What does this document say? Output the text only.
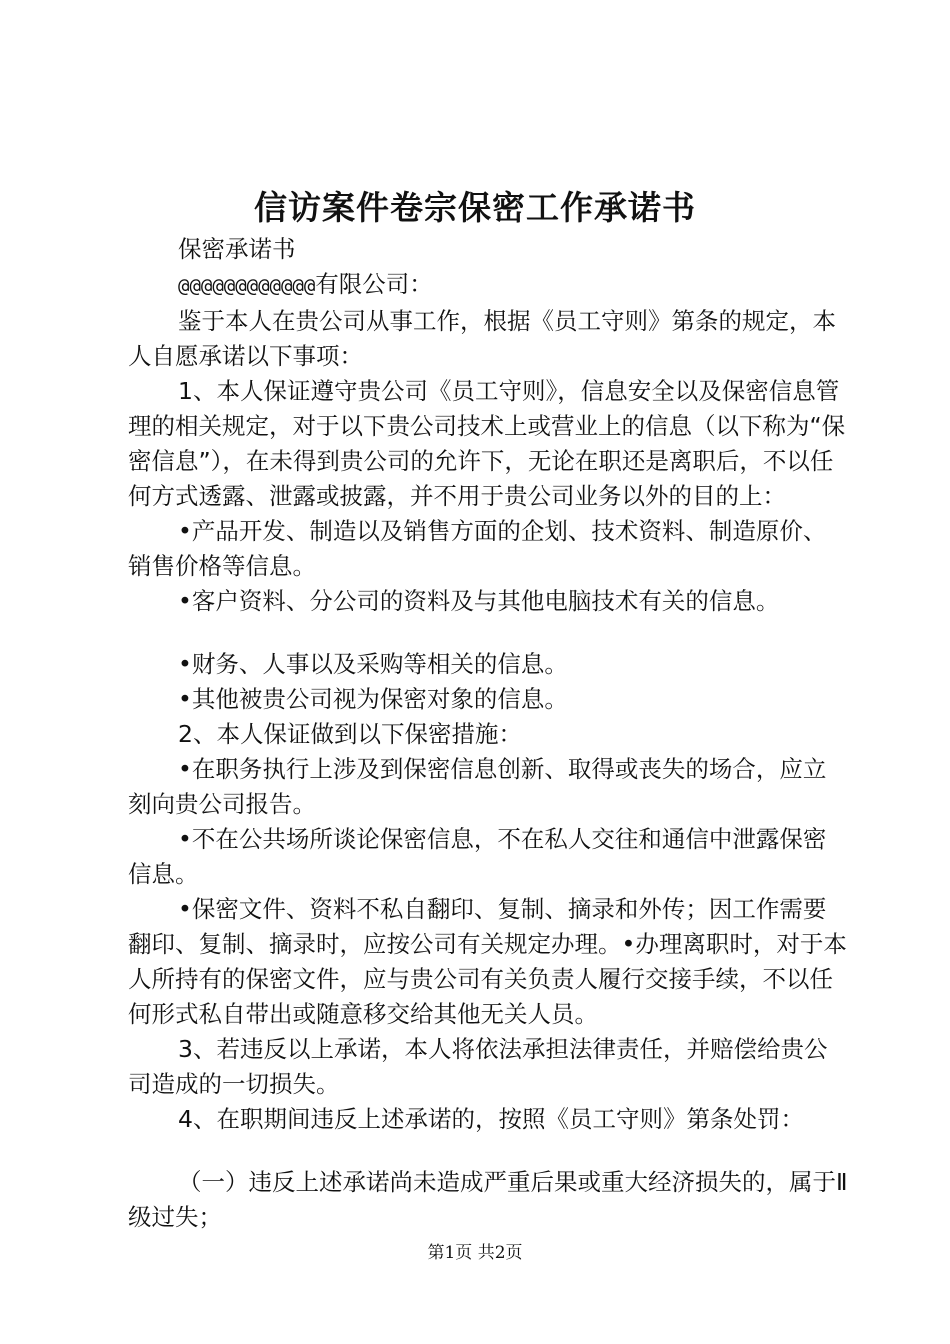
信访案件卷宗保密工作承诺书

保密承诺书

@@@@@@@@@@@@有限公司：

鉴于本人在贵公司从事工作，根据《员工守则》第条的规定，本人自愿承诺以下事项：

1、本人保证遵守贵公司《员工守则》，信息安全以及保密信息管理的相关规定，对于以下贵公司技术上或营业上的信息（以下称为“保密信息”），在未得到贵公司的允许下，无论在职还是离职后，不以任何方式透露、泄露或披露，并不用于贵公司业务以外的目的上：

•产品开发、制造以及销售方面的企划、技术资料、制造原价、销售价格等信息。

•客户资料、分公司的资料及与其他电脑技术有关的信息。

•财务、人事以及采购等相关的信息。

•其他被贵公司视为保密对象的信息。

2、本人保证做到以下保密措施：

•在职务执行上涉及到保密信息创新、取得或丧失的场合，应立刻向贵公司报告。

•不在公共场所谈论保密信息，不在私人交往和通信中泄露保密信息。

•保密文件、资料不私自翻印、复制、摘录和外传；因工作需要翻印、复制、摘录时，应按公司有关规定办理。•办理离职时，对于本人所持有的保密文件，应与贵公司有关负责人履行交接手续，不以任何形式私自带出或随意移交给其他无关人员。

3、若违反以上承诺，本人将依法承担法律责任，并赔偿给贵公司造成的一切损失。

4、在职期间违反上述承诺的，按照《员工守则》第条处罚：

（一）违反上述承诺尚未造成严重后果或重大经济损失的，属于Ⅱ级过失；

第1页 共2页
